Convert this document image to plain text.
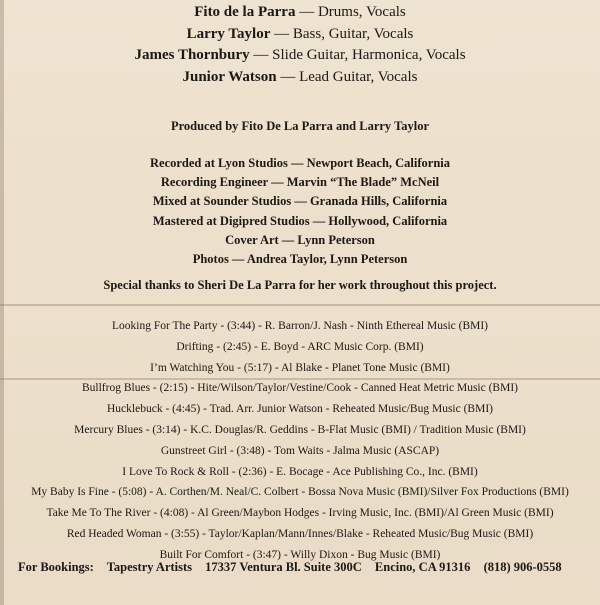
Fito de la Parra — Drums, Vocals
Larry Taylor — Bass, Guitar, Vocals
James Thornbury — Slide Guitar, Harmonica, Vocals
Junior Watson — Lead Guitar, Vocals
Produced by Fito De La Parra and Larry Taylor
Recorded at Lyon Studios — Newport Beach, California
Recording Engineer — Marvin “The Blade” McNeil
Mixed at Sounder Studios — Granada Hills, California
Mastered at Digipred Studios — Hollywood, California
Cover Art — Lynn Peterson
Photos — Andrea Taylor, Lynn Peterson
Special thanks to Sheri De La Parra for her work throughout this project.
Looking For The Party - (3:44) - R. Barron/J. Nash - Ninth Ethereal Music (BMI)
Drifting - (2:45) - E. Boyd - ARC Music Corp. (BMI)
I’m Watching You - (5:17) - Al Blake - Planet Tone Music (BMI)
Bullfrog Blues - (2:15) - Hite/Wilson/Taylor/Vestine/Cook - Canned Heat Metric Music (BMI)
Hucklebuck - (4:45) - Trad. Arr. Junior Watson - Reheated Music/Bug Music (BMI)
Mercury Blues - (3:14) - K.C. Douglas/R. Geddins - B-Flat Music (BMI) / Tradition Music (BMI)
Gunstreet Girl - (3:48) - Tom Waits - Jalma Music (ASCAP)
I Love To Rock & Roll - (2:36) - E. Bocage - Ace Publishing Co., Inc. (BMI)
My Baby Is Fine - (5:08) - A. Corthen/M. Neal/C. Colbert - Bossa Nova Music (BMI)/Silver Fox Productions (BMI)
Take Me To The River - (4:08) - Al Green/Maybon Hodges - Irving Music, Inc. (BMI)/Al Green Music (BMI)
Red Headed Woman - (3:55) - Taylor/Kaplan/Mann/Innes/Blake - Reheated Music/Bug Music (BMI)
Built For Comfort - (3:47) - Willy Dixon - Bug Music (BMI)
For Bookings: Tapestry Artists 17337 Ventura Bl. Suite 300C Encino, CA 91316 (818) 906-0558
